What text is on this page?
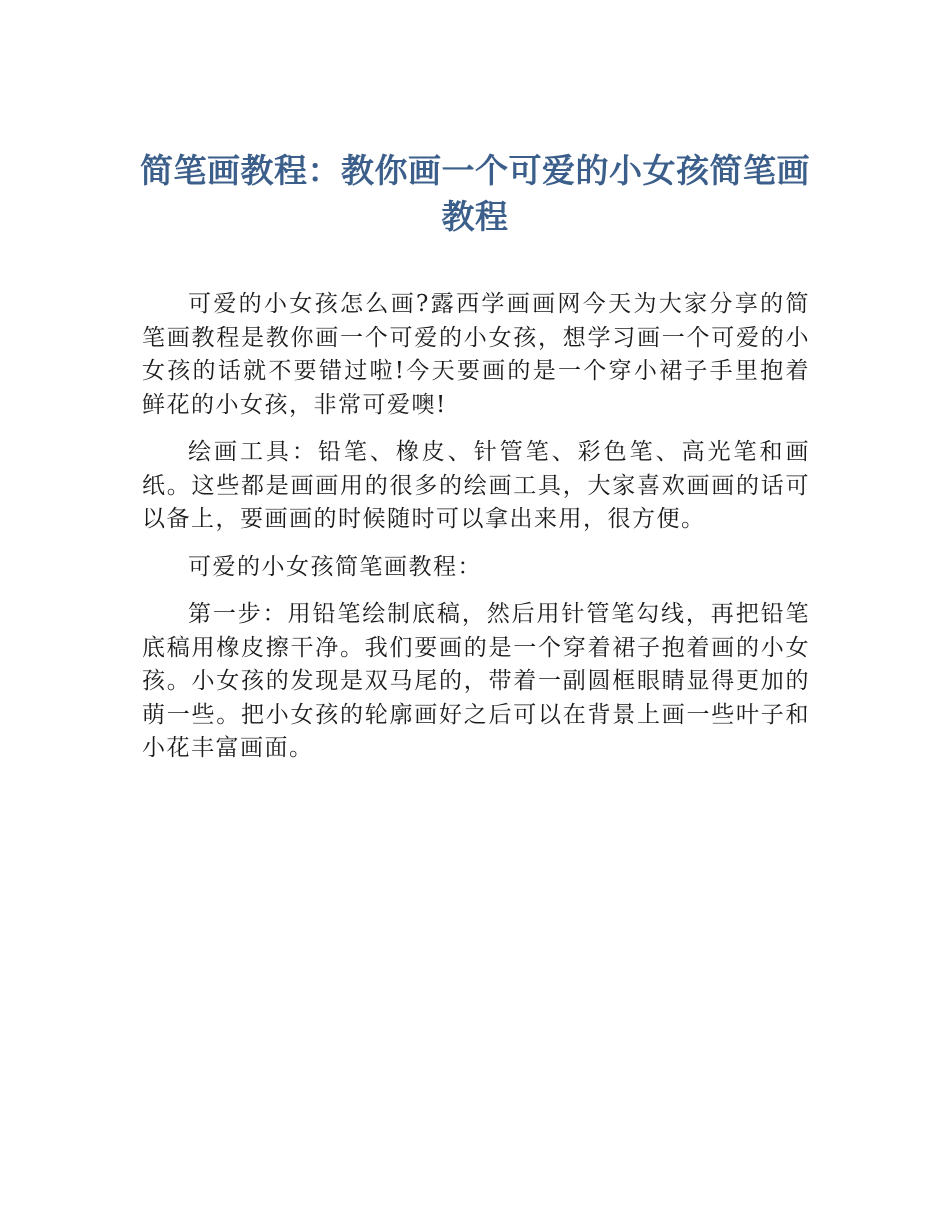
简笔画教程：教你画一个可爱的小女孩简笔画教程

可爱的小女孩怎么画?露西学画画网今天为大家分享的简笔画教程是教你画一个可爱的小女孩，想学习画一个可爱的小女孩的话就不要错过啦!今天要画的是一个穿小裙子手里抱着鲜花的小女孩，非常可爱噢!

绘画工具：铅笔、橡皮、针管笔、彩色笔、高光笔和画纸。这些都是画画用的很多的绘画工具，大家喜欢画画的话可以备上，要画画的时候随时可以拿出来用，很方便。

可爱的小女孩简笔画教程：

第一步：用铅笔绘制底稿，然后用针管笔勾线，再把铅笔底稿用橡皮擦干净。我们要画的是一个穿着裙子抱着画的小女孩。小女孩的发现是双马尾的，带着一副圆框眼睛显得更加的萌一些。把小女孩的轮廓画好之后可以在背景上画一些叶子和小花丰富画面。
